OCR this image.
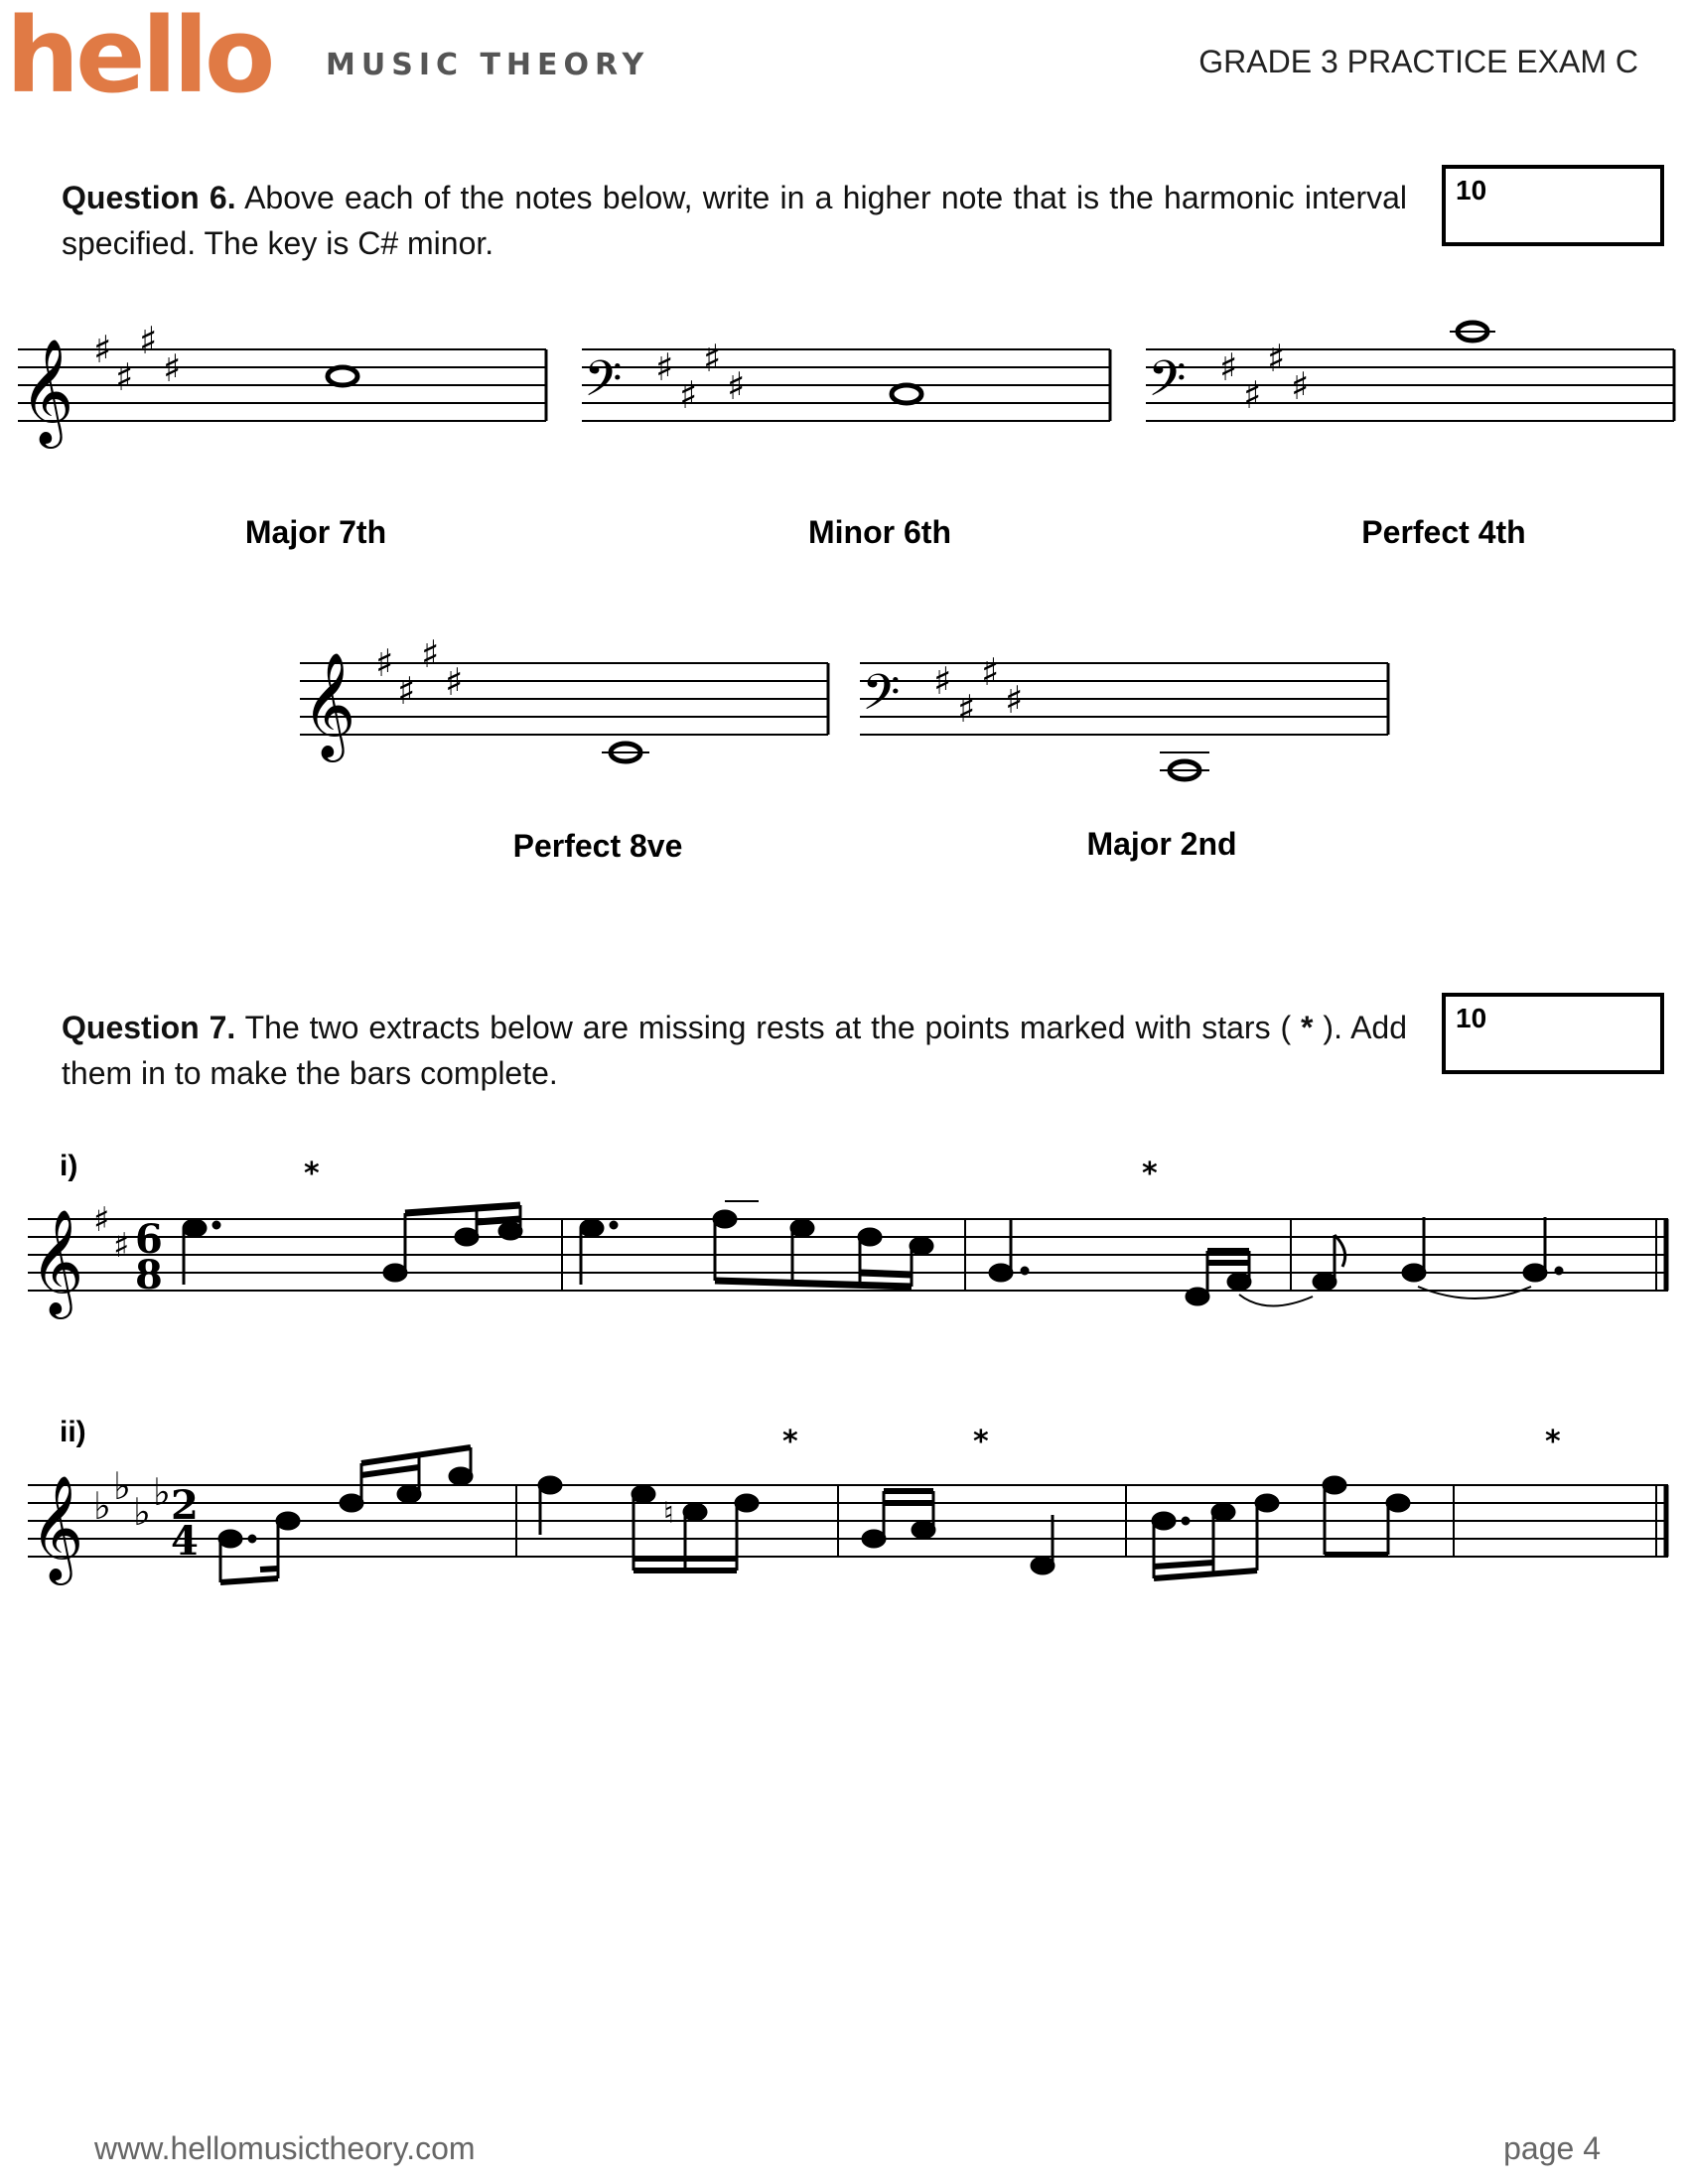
hello MUSIC THEORY	GRADE 3 PRACTICE EXAM C
Question 6. Above each of the notes below, write in a higher note that is the harmonic interval specified. The key is C# minor.
10
Major 7th	Minor 6th	Perfect 4th
Perfect 8ve	Major 2nd
Question 7. The two extracts below are missing rests at the points marked with stars ( * ). Add them in to make the bars complete.
10
i)
ii)
𝄞 ♯
♯
♯
♯	𝄢 ♯
♯
♯
♯	𝄢 ♯
♯
♯
♯
𝄞 ♯
♯
♯
♯	𝄢 ♯
♯
♯
♯
𝄞 ♯
♯ 6
8
*	*
𝄞 ♭ ♭
♭ ♭ 2
4
♮
*	*	*
www.hellomusictheory.com	page 4
